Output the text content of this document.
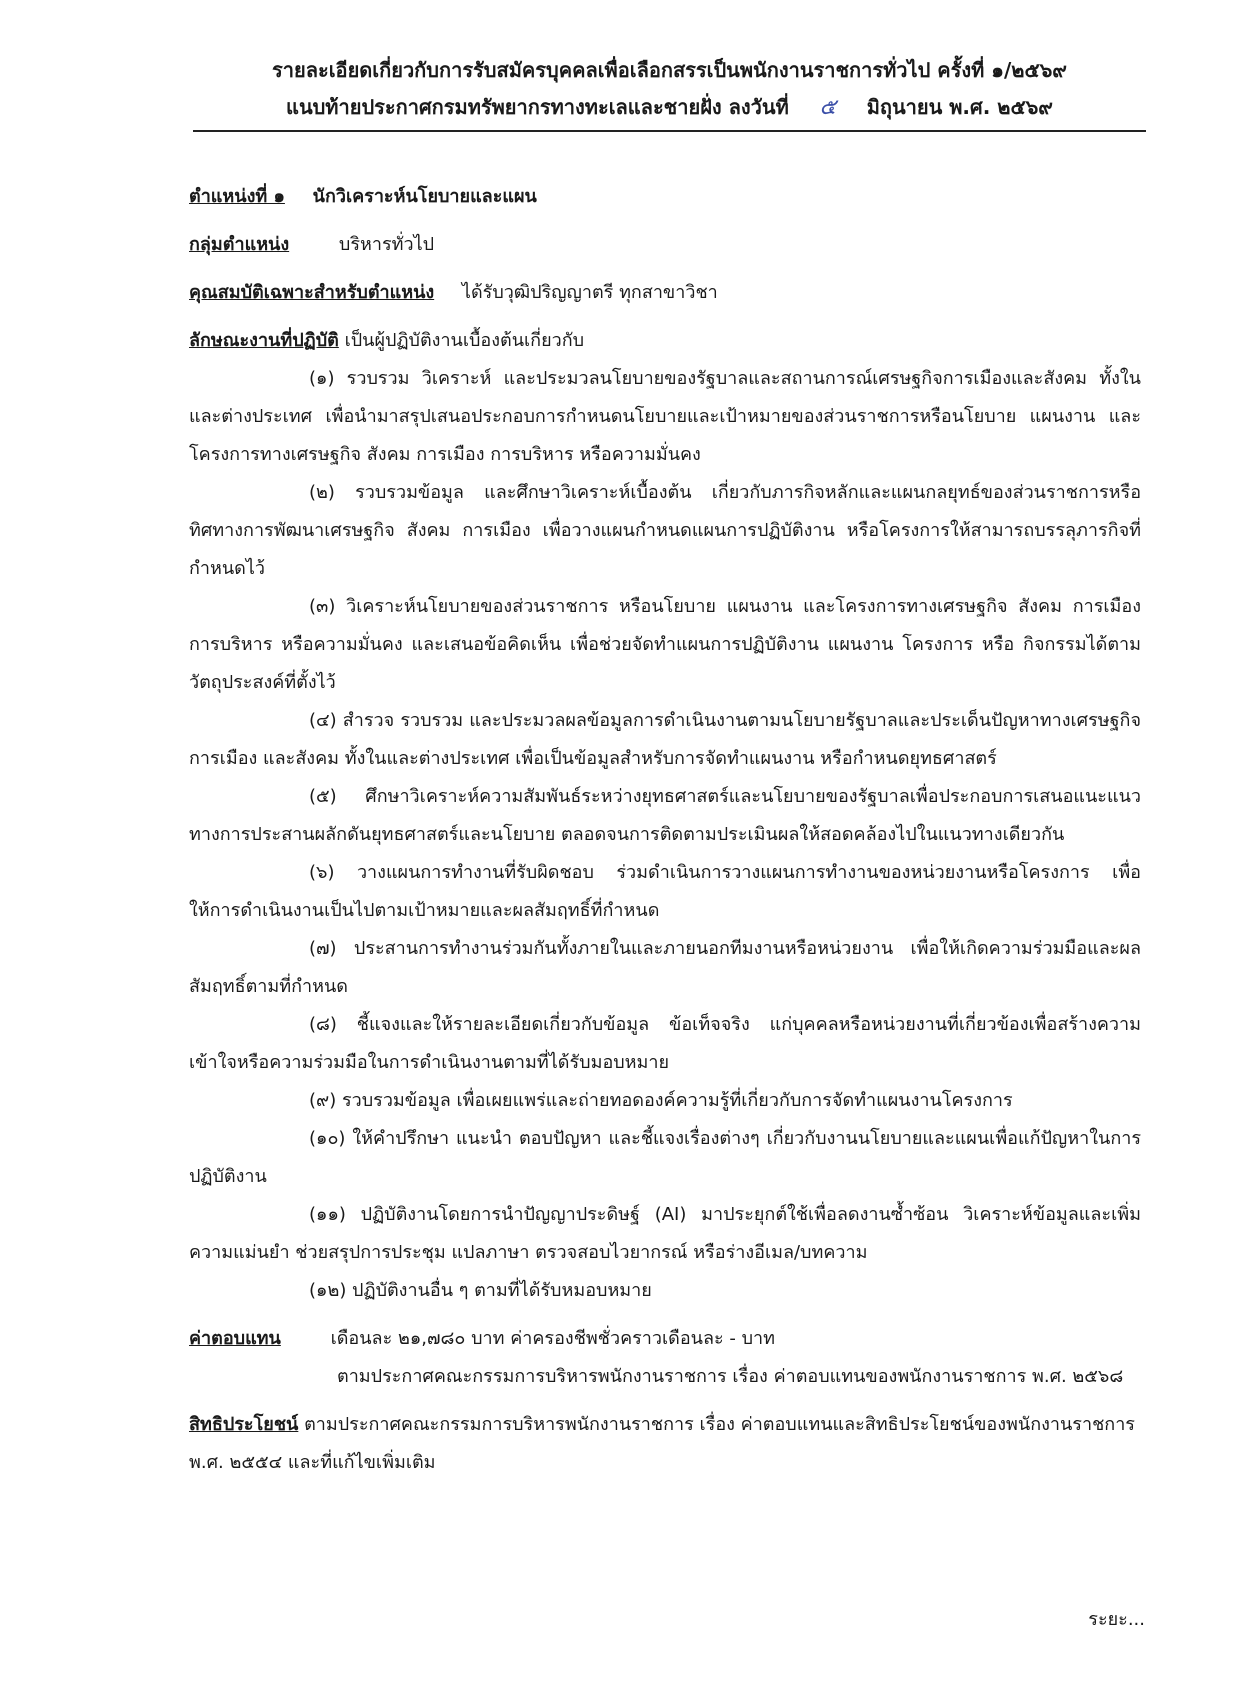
รายละเอียดเกี่ยวกับการรับสมัครบุคคลเพื่อเลือกสรรเป็นพนักงานราชการทั่วไป ครั้งที่ ๑/๒๕๖๙
แนบท้ายประกาศกรมทรัพยากรทางทะเลและชายฝั่ง ลงวันที่ ๕ มิถุนายน พ.ศ. ๒๕๖๙

ตำแหน่งที่ ๑ นักวิเคราะห์นโยบายและแผน

กลุ่มตำแหน่ง	บริหารทั่วไป

คุณสมบัติเฉพาะสำหรับตำแหน่ง ได้รับวุฒิปริญญาตรี ทุกสาขาวิชา

ลักษณะงานที่ปฏิบัติ เป็นผู้ปฏิบัติงานเบื้องต้นเกี่ยวกับ

(๑) รวบรวม วิเคราะห์ และประมวลนโยบายของรัฐบาลและสถานการณ์เศรษฐกิจการเมืองและสังคม ทั้งในและต่างประเทศ เพื่อนำมาสรุปเสนอประกอบการกำหนดนโยบายและเป้าหมายของส่วนราชการหรือนโยบาย แผนงาน และโครงการทางเศรษฐกิจ สังคม การเมือง การบริหาร หรือความมั่นคง

(๒) รวบรวมข้อมูล และศึกษาวิเคราะห์เบื้องต้น เกี่ยวกับภารกิจหลักและแผนกลยุทธ์ของส่วนราชการหรือทิศทางการพัฒนาเศรษฐกิจ สังคม การเมือง เพื่อวางแผนกำหนดแผนการปฏิบัติงาน หรือโครงการให้สามารถบรรลุภารกิจที่กำหนดไว้

(๓) วิเคราะห์นโยบายของส่วนราชการ หรือนโยบาย แผนงาน และโครงการทางเศรษฐกิจ สังคม การเมือง การบริหาร หรือความมั่นคง และเสนอข้อคิดเห็น เพื่อช่วยจัดทำแผนการปฏิบัติงาน แผนงาน โครงการ หรือ กิจกรรมได้ตามวัตถุประสงค์ที่ตั้งไว้

(๔) สำรวจ รวบรวม และประมวลผลข้อมูลการดำเนินงานตามนโยบายรัฐบาลและประเด็นปัญหาทางเศรษฐกิจ การเมือง และสังคม ทั้งในและต่างประเทศ เพื่อเป็นข้อมูลสำหรับการจัดทำแผนงาน หรือกำหนดยุทธศาสตร์

(๕) ศึกษาวิเคราะห์ความสัมพันธ์ระหว่างยุทธศาสตร์และนโยบายของรัฐบาลเพื่อประกอบการเสนอแนะแนวทางการประสานผลักดันยุทธศาสตร์และนโยบาย ตลอดจนการติดตามประเมินผลให้สอดคล้องไปในแนวทางเดียวกัน

(๖) วางแผนการทำงานที่รับผิดชอบ ร่วมดำเนินการวางแผนการทำงานของหน่วยงานหรือโครงการ เพื่อให้การดำเนินงานเป็นไปตามเป้าหมายและผลสัมฤทธิ์ที่กำหนด

(๗) ประสานการทำงานร่วมกันทั้งภายในและภายนอกทีมงานหรือหน่วยงาน เพื่อให้เกิดความร่วมมือและผลสัมฤทธิ์ตามที่กำหนด

(๘) ชี้แจงและให้รายละเอียดเกี่ยวกับข้อมูล ข้อเท็จจริง แก่บุคคลหรือหน่วยงานที่เกี่ยวข้องเพื่อสร้างความเข้าใจหรือความร่วมมือในการดำเนินงานตามที่ได้รับมอบหมาย

(๙) รวบรวมข้อมูล เพื่อเผยแพร่และถ่ายทอดองค์ความรู้ที่เกี่ยวกับการจัดทำแผนงานโครงการ

(๑๐) ให้คำปรึกษา แนะนำ ตอบปัญหา และชี้แจงเรื่องต่างๆ เกี่ยวกับงานนโยบายและแผนเพื่อแก้ปัญหาในการปฏิบัติงาน

(๑๑) ปฏิบัติงานโดยการนำปัญญาประดิษฐ์ (AI) มาประยุกต์ใช้เพื่อลดงานซ้ำซ้อน วิเคราะห์ข้อมูลและเพิ่มความแม่นยำ ช่วยสรุปการประชุม แปลภาษา ตรวจสอบไวยากรณ์ หรือร่างอีเมล/บทความ

(๑๒) ปฏิบัติงานอื่น ๆ ตามที่ได้รับหมอบหมาย

ค่าตอบแทน	เดือนละ ๒๑,๗๘๐ บาท ค่าครองชีพชั่วคราวเดือนละ - บาท

ตามประกาศคณะกรรมการบริหารพนักงานราชการ เรื่อง ค่าตอบแทนของพนักงานราชการ พ.ศ. ๒๕๖๘

สิทธิประโยชน์ ตามประกาศคณะกรรมการบริหารพนักงานราชการ เรื่อง ค่าตอบแทนและสิทธิประโยชน์ของพนักงานราชการ พ.ศ. ๒๕๕๔ และที่แก้ไขเพิ่มเติม

ระยะ...
